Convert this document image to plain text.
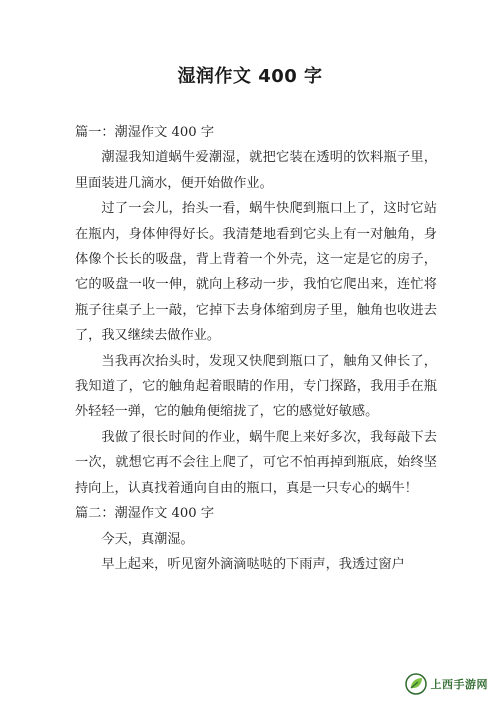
湿润作文 400 字

篇一：潮湿作文 400 字

潮湿我知道蜗牛爱潮湿，就把它装在透明的饮料瓶子里，里面装进几滴水，便开始做作业。

过了一会儿，抬头一看，蜗牛快爬到瓶口上了，这时它站在瓶内，身体伸得好长。我清楚地看到它头上有一对触角，身体像个长长的吸盘，背上背着一个外壳，这一定是它的房子，它的吸盘一收一伸，就向上移动一步，我怕它爬出来，连忙将瓶子往桌子上一敲，它掉下去身体缩到房子里，触角也收进去了，我又继续去做作业。

当我再次抬头时，发现又快爬到瓶口了，触角又伸长了，我知道了，它的触角起着眼睛的作用，专门探路，我用手在瓶外轻轻一弹，它的触角便缩拢了，它的感觉好敏感。

我做了很长时间的作业，蜗牛爬上来好多次，我每敲下去一次，就想它再不会往上爬了，可它不怕再掉到瓶底，始终坚持向上，认真找着通向自由的瓶口，真是一只专心的蜗牛！

篇二：潮湿作文 400 字

今天，真潮湿。

早上起来，听见窗外滴滴哒哒的下雨声，我透过窗户

上西手游网
